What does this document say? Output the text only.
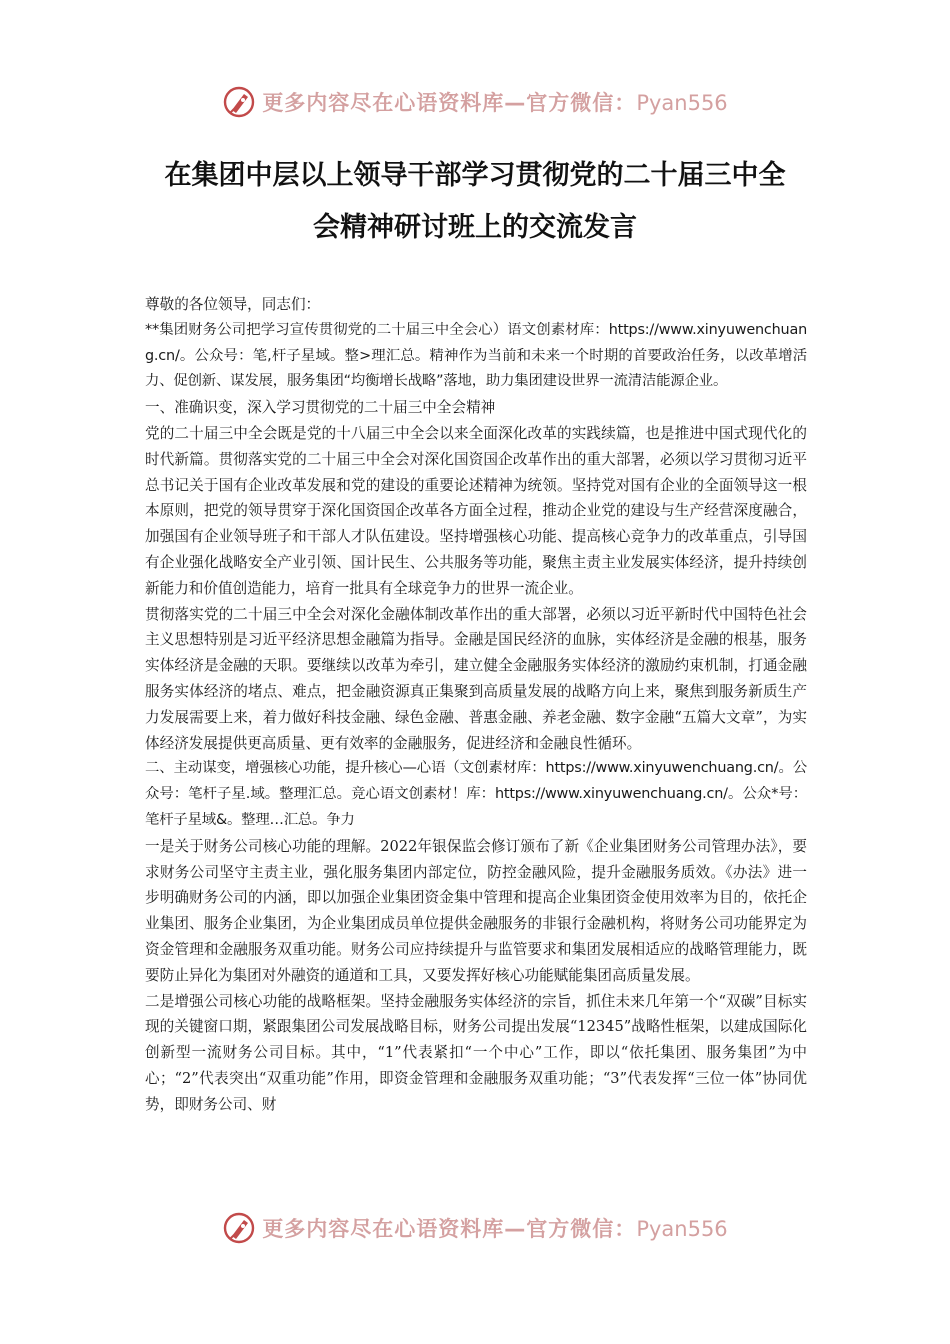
更多内容尽在心语资料库—官方微信：Pyan556
在集团中层以上领导干部学习贯彻党的二十届三中全
会精神研讨班上的交流发言

尊敬的各位领导，同志们：

**集团财务公司把学习宣传贯彻党的二十届三中全会心）语文创素材库：https://www.xinyuwenchuang.cn/。公众号：笔,杆子星域。整>理汇总。精神作为当前和未来一个时期的首要政治任务，以改革增活力、促创新、谋发展，服务集团“均衡增长战略”落地，助力集团建设世界一流清洁能源企业。

一、准确识变，深入学习贯彻党的二十届三中全会精神

党的二十届三中全会既是党的十八届三中全会以来全面深化改革的实践续篇，也是推进中国式现代化的时代新篇。贯彻落实党的二十届三中全会对深化国资国企改革作出的重大部署，必须以学习贯彻习近平总书记关于国有企业改革发展和党的建设的重要论述精神为统领。坚持党对国有企业的全面领导这一根本原则，把党的领导贯穿于深化国资国企改革各方面全过程，推动企业党的建设与生产经营深度融合，加强国有企业领导班子和干部人才队伍建设。坚持增强核心功能、提高核心竞争力的改革重点，引导国有企业强化战略安全产业引领、国计民生、公共服务等功能，聚焦主责主业发展实体经济，提升持续创新能力和价值创造能力，培育一批具有全球竞争力的世界一流企业。

贯彻落实党的二十届三中全会对深化金融体制改革作出的重大部署，必须以习近平新时代中国特色社会主义思想特别是习近平经济思想金融篇为指导。金融是国民经济的血脉，实体经济是金融的根基，服务实体经济是金融的天职。要继续以改革为牵引，建立健全金融服务实体经济的激励约束机制，打通金融服务实体经济的堵点、难点，把金融资源真正集聚到高质量发展的战略方向上来，聚焦到服务新质生产力发展需要上来，着力做好科技金融、绿色金融、普惠金融、养老金融、数字金融“五篇大文章”，为实体经济发展提供更高质量、更有效率的金融服务，促进经济和金融良性循环。

二、主动谋变，增强核心功能，提升核心—心语（文创素材库：https://www.xinyuwenchuang.cn/。公众号：笔杆子星.域。整理汇总。竞心语文创素材！库：https://www.xinyuwenchuang.cn/。公众*号：笔杆子星域&。整理…汇总。争力

一是关于财务公司核心功能的理解。2022年银保监会修订颁布了新《企业集团财务公司管理办法》，要求财务公司坚守主责主业，强化服务集团内部定位，防控金融风险，提升金融服务质效。《办法》进一步明确财务公司的内涵，即以加强企业集团资金集中管理和提高企业集团资金使用效率为目的，依托企业集团、服务企业集团，为企业集团成员单位提供金融服务的非银行金融机构，将财务公司功能界定为资金管理和金融服务双重功能。财务公司应持续提升与监管要求和集团发展相适应的战略管理能力，既要防止异化为集团对外融资的通道和工具，又要发挥好核心功能赋能集团高质量发展。

二是增强公司核心功能的战略框架。坚持金融服务实体经济的宗旨，抓住未来几年第一个“双碳”目标实现的关键窗口期，紧跟集团公司发展战略目标，财务公司提出发展“12345”战略性框架，以建成国际化创新型一流财务公司目标。其中，“1”代表紧扣“一个中心”工作，即以“依托集团、服务集团”为中心；“2”代表突出“双重功能”作用，即资金管理和金融服务双重功能；“3”代表发挥“三位一体”协同优势，即财务公司、财

更多内容尽在心语资料库—官方微信：Pyan556
